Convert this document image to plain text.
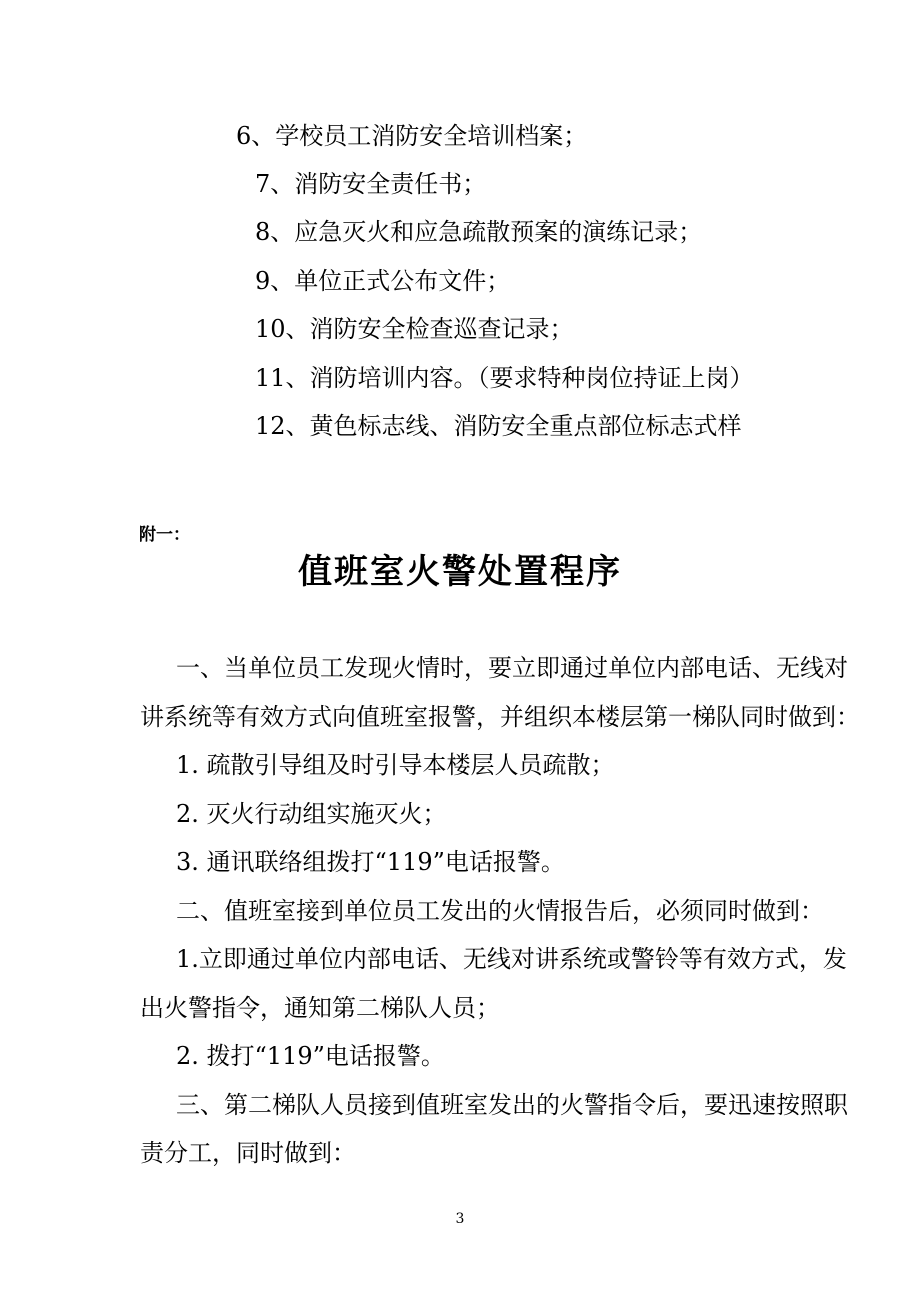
6、学校员工消防安全培训档案；
7、消防安全责任书；
8、应急灭火和应急疏散预案的演练记录；
9、单位正式公布文件；
10、消防安全检查巡查记录；
11、消防培训内容。（要求特种岗位持证上岗）
12、黄色标志线、消防安全重点部位标志式样
附一：
值班室火警处置程序
一、当单位员工发现火情时，要立即通过单位内部电话、无线对
讲系统等有效方式向值班室报警，并组织本楼层第一梯队同时做到：
1. 疏散引导组及时引导本楼层人员疏散；
2. 灭火行动组实施灭火；
3. 通讯联络组拨打“119”电话报警。
二、值班室接到单位员工发出的火情报告后，必须同时做到：
1.立即通过单位内部电话、无线对讲系统或警铃等有效方式，发
出火警指令，通知第二梯队人员；
2. 拨打“119”电话报警。
三、第二梯队人员接到值班室发出的火警指令后，要迅速按照职
责分工，同时做到：
3
